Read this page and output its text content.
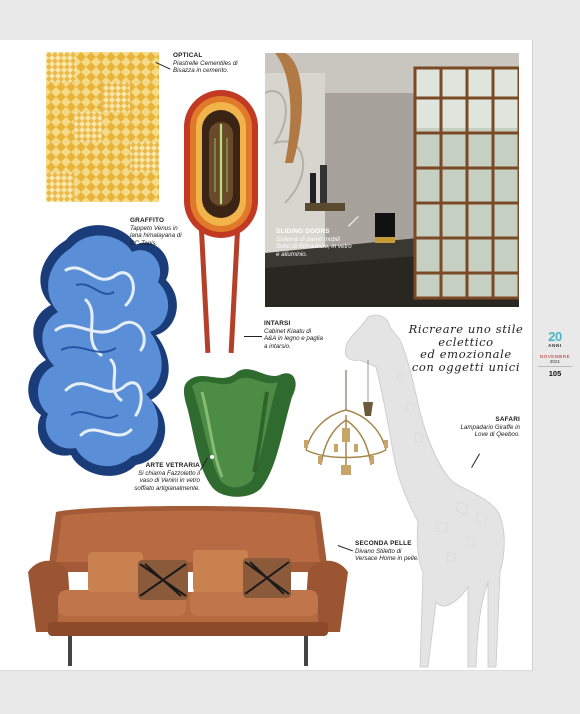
OPTICAL
Piastrelle Cementiles di Bisazza in cemento.
INTARSI
Cabinet Kiaatu di A&A in legno e paglia a intarsio.
SLIDING DOORS
Sistema di pareti mobili Soho di Rimadesio, in vetro e alluminio.
GRAFFITO
Tappeto Venus in lana himalayana di CC-Tapis.
ARTE VETRARIA
Si chiama Fazzoletto il vaso di Venini in vetro soffiato artigianalmente.
Ricreare uno stile
eclettico
ed emozionale
con oggetti unici
SAFARI
Lampadario Giraffe in Love di Qeeboo.
SECONDA PELLE
Divano Stiletto di Versace Home in pelle.
20
ANNI
NOVEMBRE
2021
105
